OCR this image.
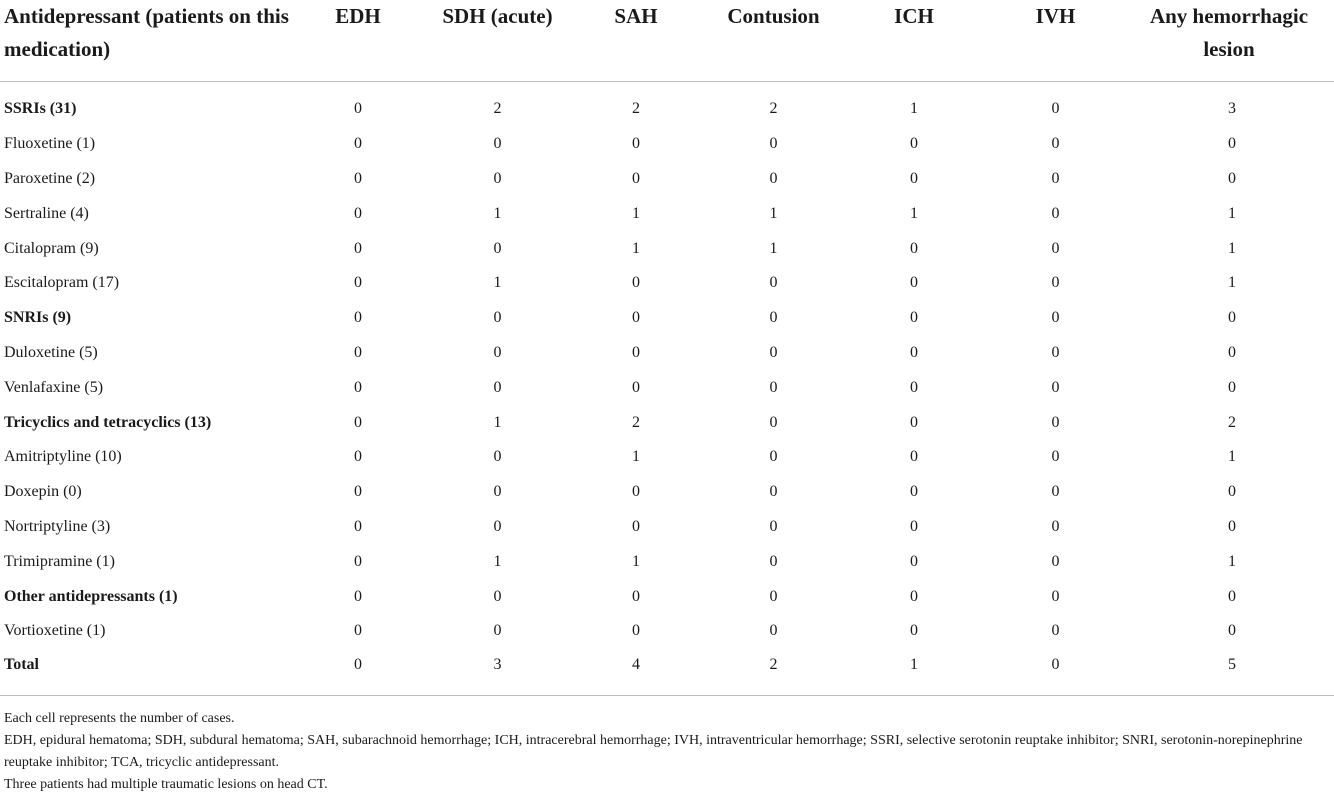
Antidepressant (patients on this medication)	EDH	SDH (acute)	SAH	Contusion	ICH	IVH	Any hemorrhagic lesion
SSRIs (31)	0	2	2	2	1	0	3
Fluoxetine (1)	0	0	0	0	0	0	0
Paroxetine (2)	0	0	0	0	0	0	0
Sertraline (4)	0	1	1	1	1	0	1
Citalopram (9)	0	0	1	1	0	0	1
Escitalopram (17)	0	1	0	0	0	0	1
SNRIs (9)	0	0	0	0	0	0	0
Duloxetine (5)	0	0	0	0	0	0	0
Venlafaxine (5)	0	0	0	0	0	0	0
Tricyclics and tetracyclics (13)	0	1	2	0	0	0	2
Amitriptyline (10)	0	0	1	0	0	0	1
Doxepin (0)	0	0	0	0	0	0	0
Nortriptyline (3)	0	0	0	0	0	0	0
Trimipramine (1)	0	1	1	0	0	0	1
Other antidepressants (1)	0	0	0	0	0	0	0
Vortioxetine (1)	0	0	0	0	0	0	0
Total	0	3	4	2	1	0	5

Each cell represents the number of cases.

EDH, epidural hematoma; SDH, subdural hematoma; SAH, subarachnoid hemorrhage; ICH, intracerebral hemorrhage; IVH, intraventricular hemorrhage; SSRI, selective serotonin reuptake inhibitor; SNRI, serotonin-norepinephrine reuptake inhibitor; TCA, tricyclic antidepressant.

Three patients had multiple traumatic lesions on head CT.
